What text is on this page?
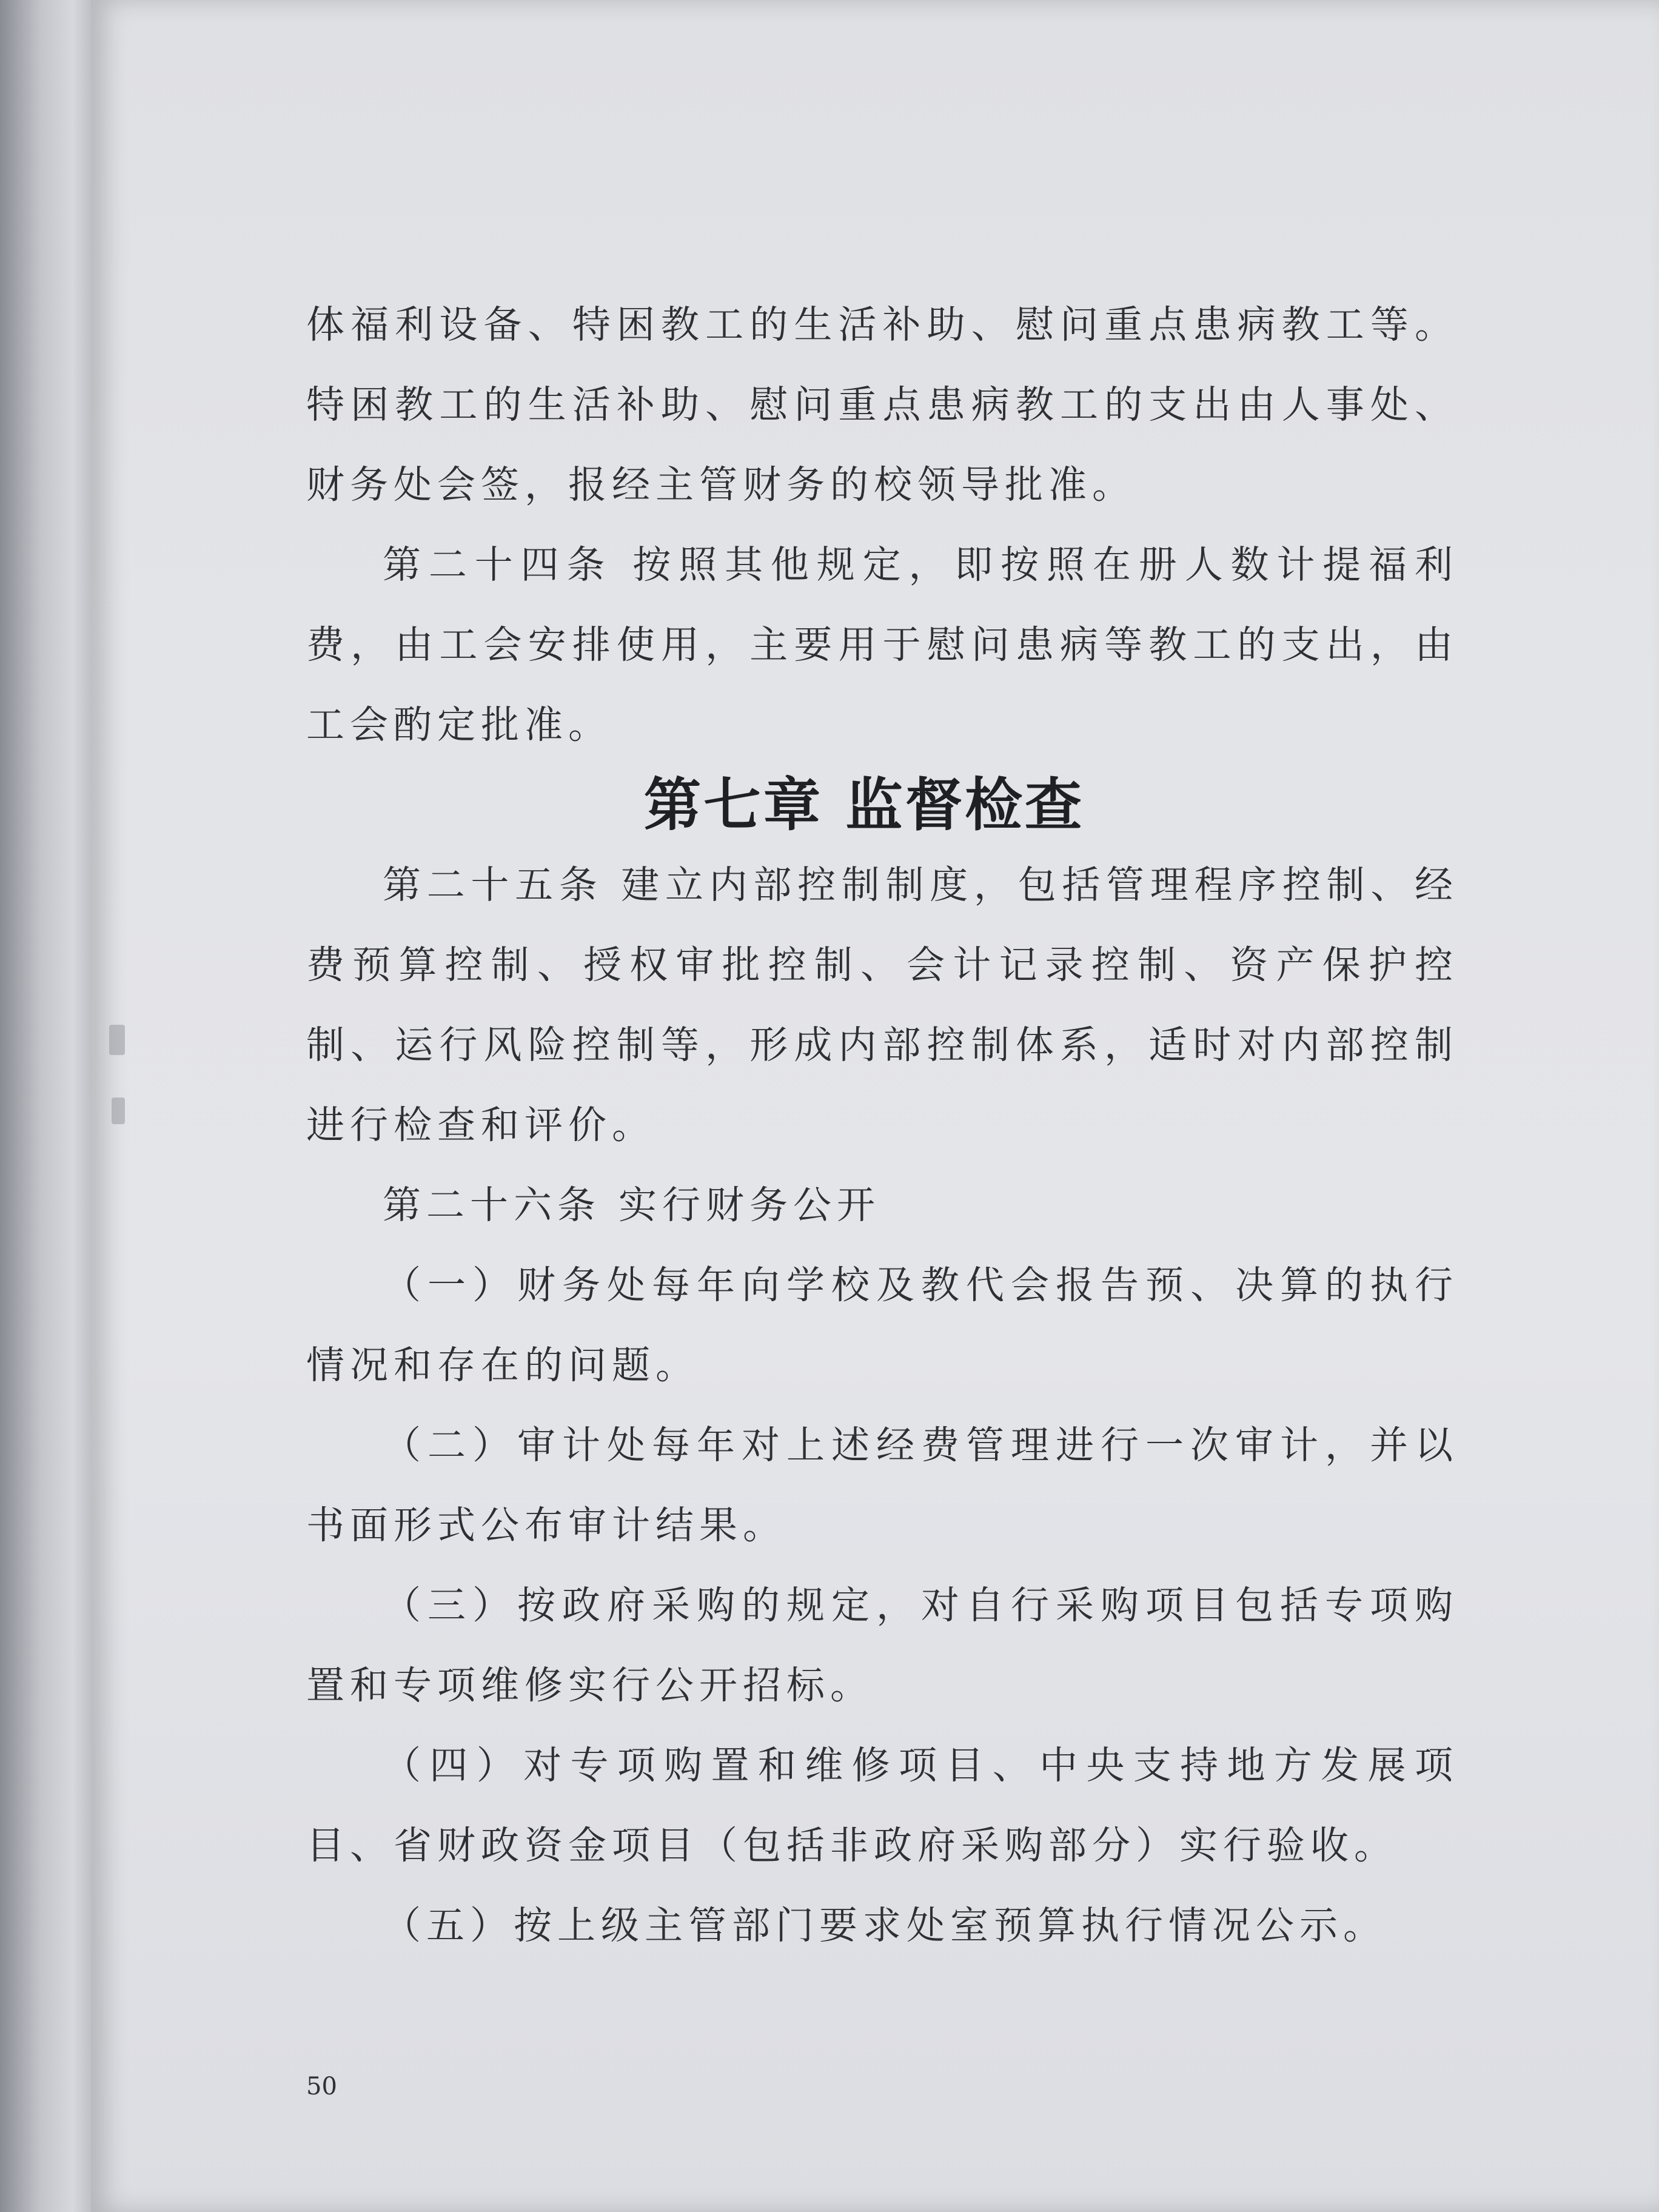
体福利设备、特困教工的生活补助、慰问重点患病教工等。特困教工的生活补助、慰问重点患病教工的支出由人事处、财务处会签，报经主管财务的校领导批准。

第二十四条 按照其他规定，即按照在册人数计提福利费，由工会安排使用，主要用于慰问患病等教工的支出，由工会酌定批准。

第七章 监督检查

第二十五条 建立内部控制制度，包括管理程序控制、经费预算控制、授权审批控制、会计记录控制、资产保护控制、运行风险控制等，形成内部控制体系，适时对内部控制进行检查和评价。

第二十六条 实行财务公开

（一）财务处每年向学校及教代会报告预、决算的执行情况和存在的问题。

（二）审计处每年对上述经费管理进行一次审计，并以书面形式公布审计结果。

（三）按政府采购的规定，对自行采购项目包括专项购置和专项维修实行公开招标。

（四）对专项购置和维修项目、中央支持地方发展项目、省财政资金项目（包括非政府采购部分）实行验收。

（五）按上级主管部门要求处室预算执行情况公示。

50
